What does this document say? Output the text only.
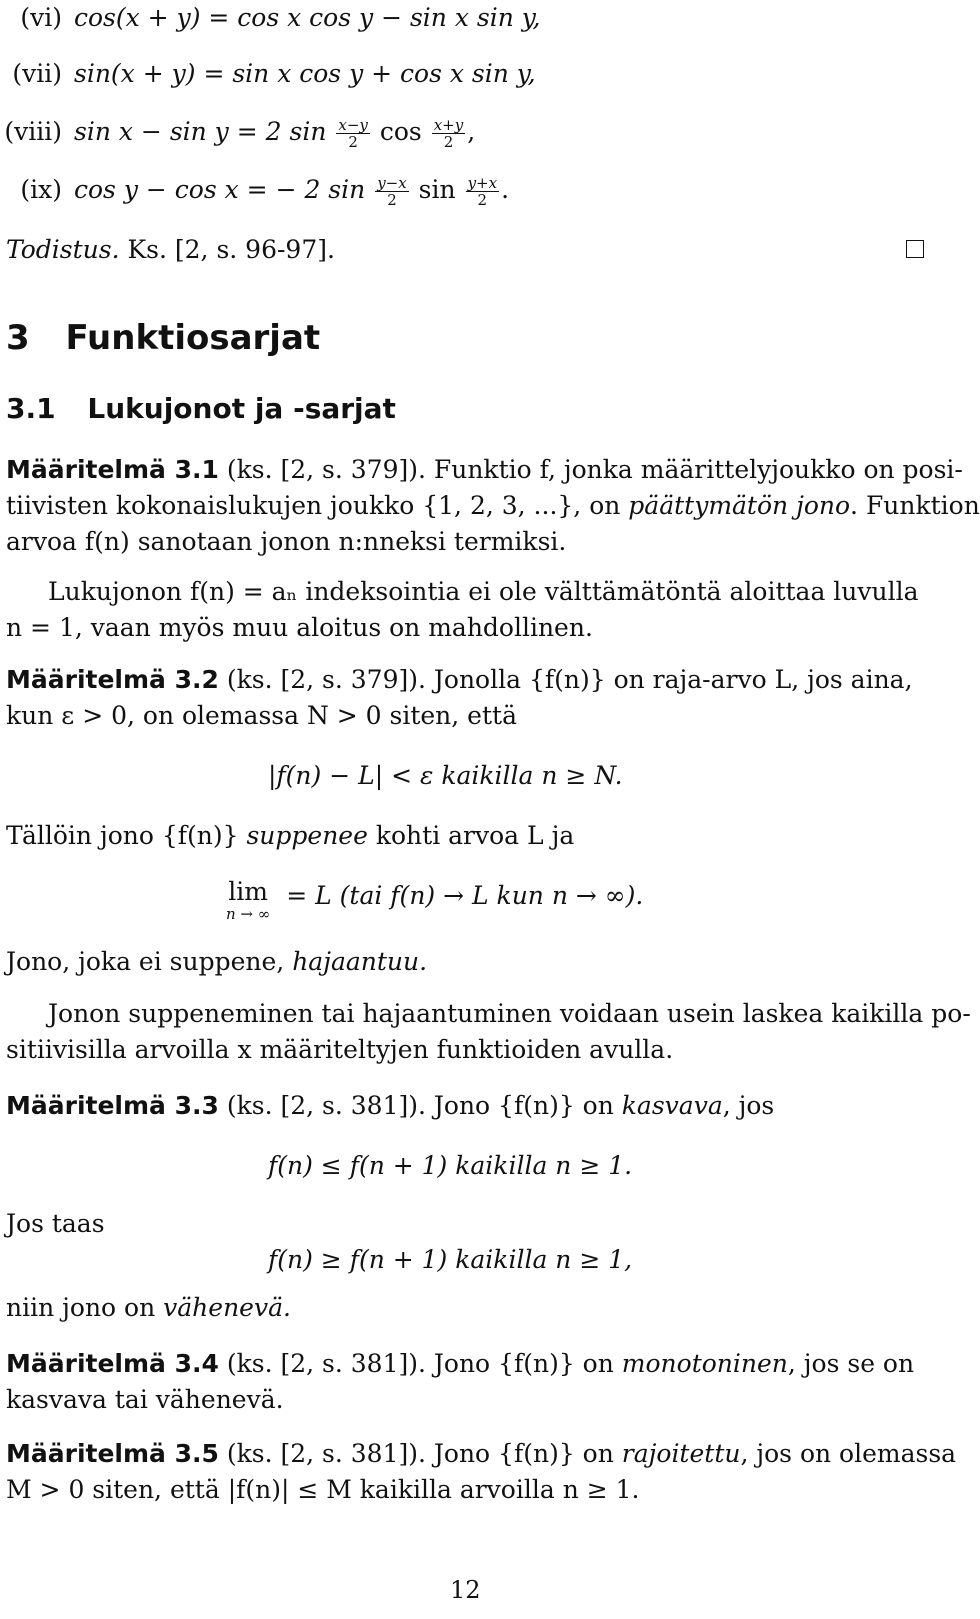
(vi) cos(x + y) = cos x cos y − sin x sin y,
(vii) sin(x + y) = sin x cos y + cos x sin y,
(viii) sin x − sin y = 2 $\sin \frac{x-y}{2}$ $\cos \frac{x+y}{2}$ ,
(ix) cos y − cos x = − 2 $\sin \frac{y-x}{2}$ $\sin \frac{y+x}{2}$ .
Todistus. Ks. [2, s. 96-97].
3 Funktiosarjat
3.1 Lukujonot ja -sarjat
Määritelmä 3.1 (ks. [2, s. 379]). Funktio f, jonka määrittelyjoukko on posi-
tiivisten kokonaislukujen joukko {1, 2, 3, ...}, on päättymätön jono. Funktion
arvoa f(n) sanotaan jonon n:nneksi termiksi.
Lukujonon f(n) = aₙ indeksointia ei ole välttämätöntä aloittaa luvulla
n = 1, vaan myös muu aloitus on mahdollinen.
Määritelmä 3.2 (ks. [2, s. 379]). Jonolla {f(n)} on raja-arvo L, jos aina,
kun ε > 0, on olemassa N > 0 siten, että
|f(n) − L| < ε kaikilla n ≥ N.
Tällöin jono {f(n)} suppenee kohti arvoa L ja
lim
n → ∞
= L (tai f(n) → L kun n → ∞).
Jono, joka ei suppene, hajaantuu.
Jonon suppeneminen tai hajaantuminen voidaan usein laskea kaikilla po-
sitiivisilla arvoilla x määriteltyjen funktioiden avulla.
Määritelmä 3.3 (ks. [2, s. 381]). Jono {f(n)} on kasvava, jos
f(n) ≤ f(n + 1) kaikilla n ≥ 1.
Jos taas
f(n) ≥ f(n + 1) kaikilla n ≥ 1,
niin jono on vähenevä.
Määritelmä 3.4 (ks. [2, s. 381]). Jono {f(n)} on monotoninen, jos se on
kasvava tai vähenevä.
Määritelmä 3.5 (ks. [2, s. 381]). Jono {f(n)} on rajoitettu, jos on olemassa
M > 0 siten, että |f(n)| ≤ M kaikilla arvoilla n ≥ 1.
12
